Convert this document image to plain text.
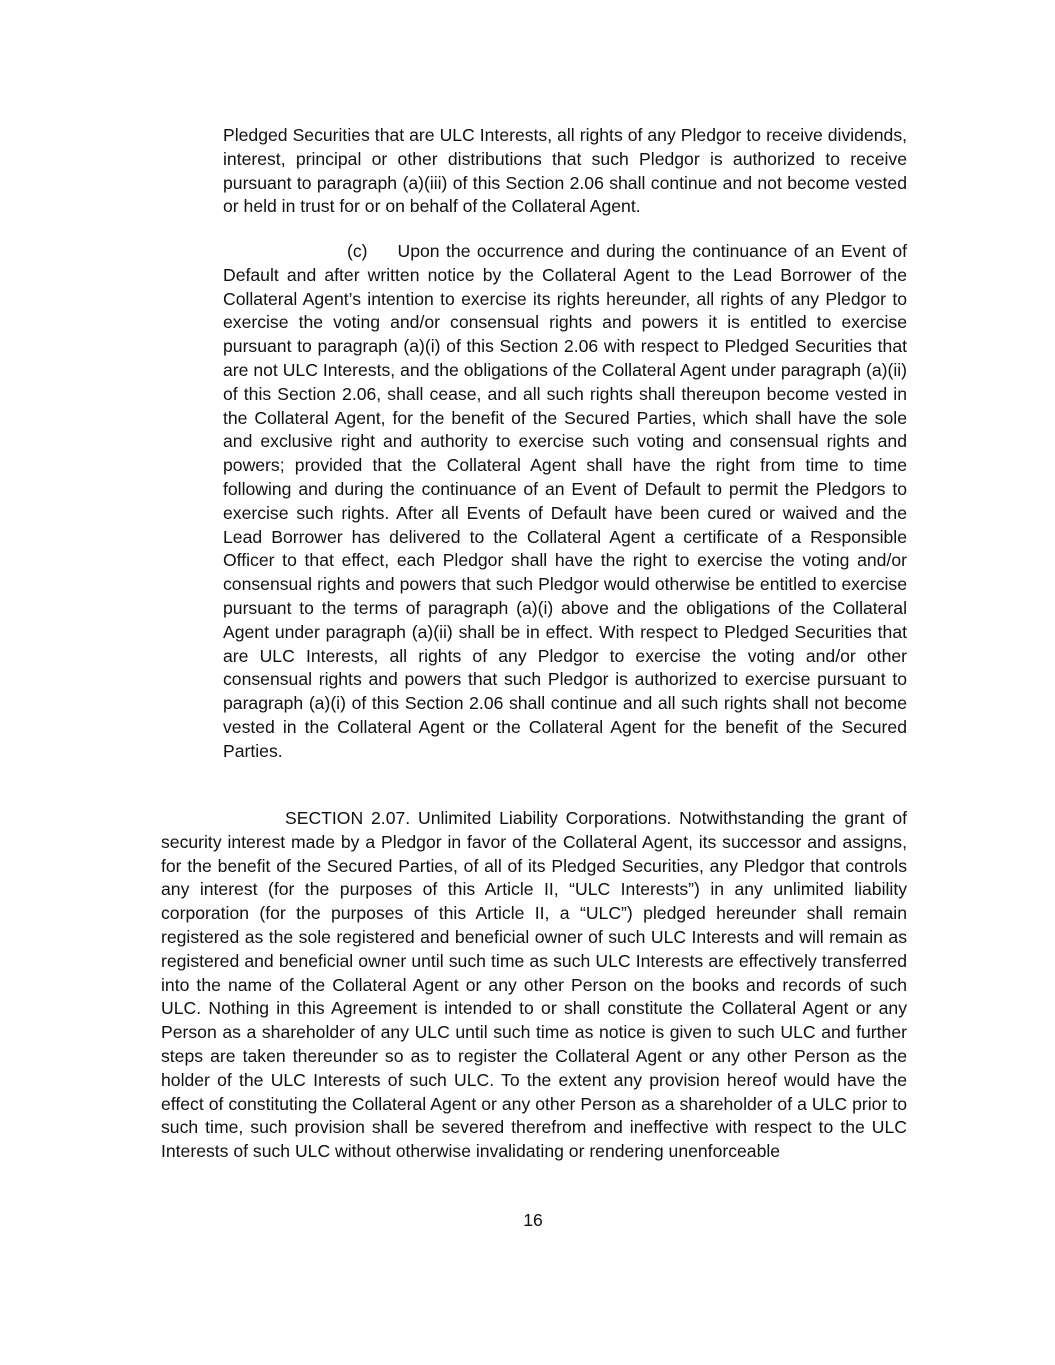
Pledged Securities that are ULC Interests, all rights of any Pledgor to receive dividends, interest, principal or other distributions that such Pledgor is authorized to receive pursuant to paragraph (a)(iii) of this Section 2.06 shall continue and not become vested or held in trust for or on behalf of the Collateral Agent.

(c) Upon the occurrence and during the continuance of an Event of Default and after written notice by the Collateral Agent to the Lead Borrower of the Collateral Agent’s intention to exercise its rights hereunder, all rights of any Pledgor to exercise the voting and/or consensual rights and powers it is entitled to exercise pursuant to paragraph (a)(i) of this Section 2.06 with respect to Pledged Securities that are not ULC Interests, and the obligations of the Collateral Agent under paragraph (a)(ii) of this Section 2.06, shall cease, and all such rights shall thereupon become vested in the Collateral Agent, for the benefit of the Secured Parties, which shall have the sole and exclusive right and authority to exercise such voting and consensual rights and powers; provided that the Collateral Agent shall have the right from time to time following and during the continuance of an Event of Default to permit the Pledgors to exercise such rights. After all Events of Default have been cured or waived and the Lead Borrower has delivered to the Collateral Agent a certificate of a Responsible Officer to that effect, each Pledgor shall have the right to exercise the voting and/or consensual rights and powers that such Pledgor would otherwise be entitled to exercise pursuant to the terms of paragraph (a)(i) above and the obligations of the Collateral Agent under paragraph (a)(ii) shall be in effect. With respect to Pledged Securities that are ULC Interests, all rights of any Pledgor to exercise the voting and/or other consensual rights and powers that such Pledgor is authorized to exercise pursuant to paragraph (a)(i) of this Section 2.06 shall continue and all such rights shall not become vested in the Collateral Agent or the Collateral Agent for the benefit of the Secured Parties.

SECTION 2.07. Unlimited Liability Corporations. Notwithstanding the grant of security interest made by a Pledgor in favor of the Collateral Agent, its successor and assigns, for the benefit of the Secured Parties, of all of its Pledged Securities, any Pledgor that controls any interest (for the purposes of this Article II, “ULC Interests”) in any unlimited liability corporation (for the purposes of this Article II, a “ULC”) pledged hereunder shall remain registered as the sole registered and beneficial owner of such ULC Interests and will remain as registered and beneficial owner until such time as such ULC Interests are effectively transferred into the name of the Collateral Agent or any other Person on the books and records of such ULC. Nothing in this Agreement is intended to or shall constitute the Collateral Agent or any Person as a shareholder of any ULC until such time as notice is given to such ULC and further steps are taken thereunder so as to register the Collateral Agent or any other Person as the holder of the ULC Interests of such ULC. To the extent any provision hereof would have the effect of constituting the Collateral Agent or any other Person as a shareholder of a ULC prior to such time, such provision shall be severed therefrom and ineffective with respect to the ULC Interests of such ULC without otherwise invalidating or rendering unenforceable

16
